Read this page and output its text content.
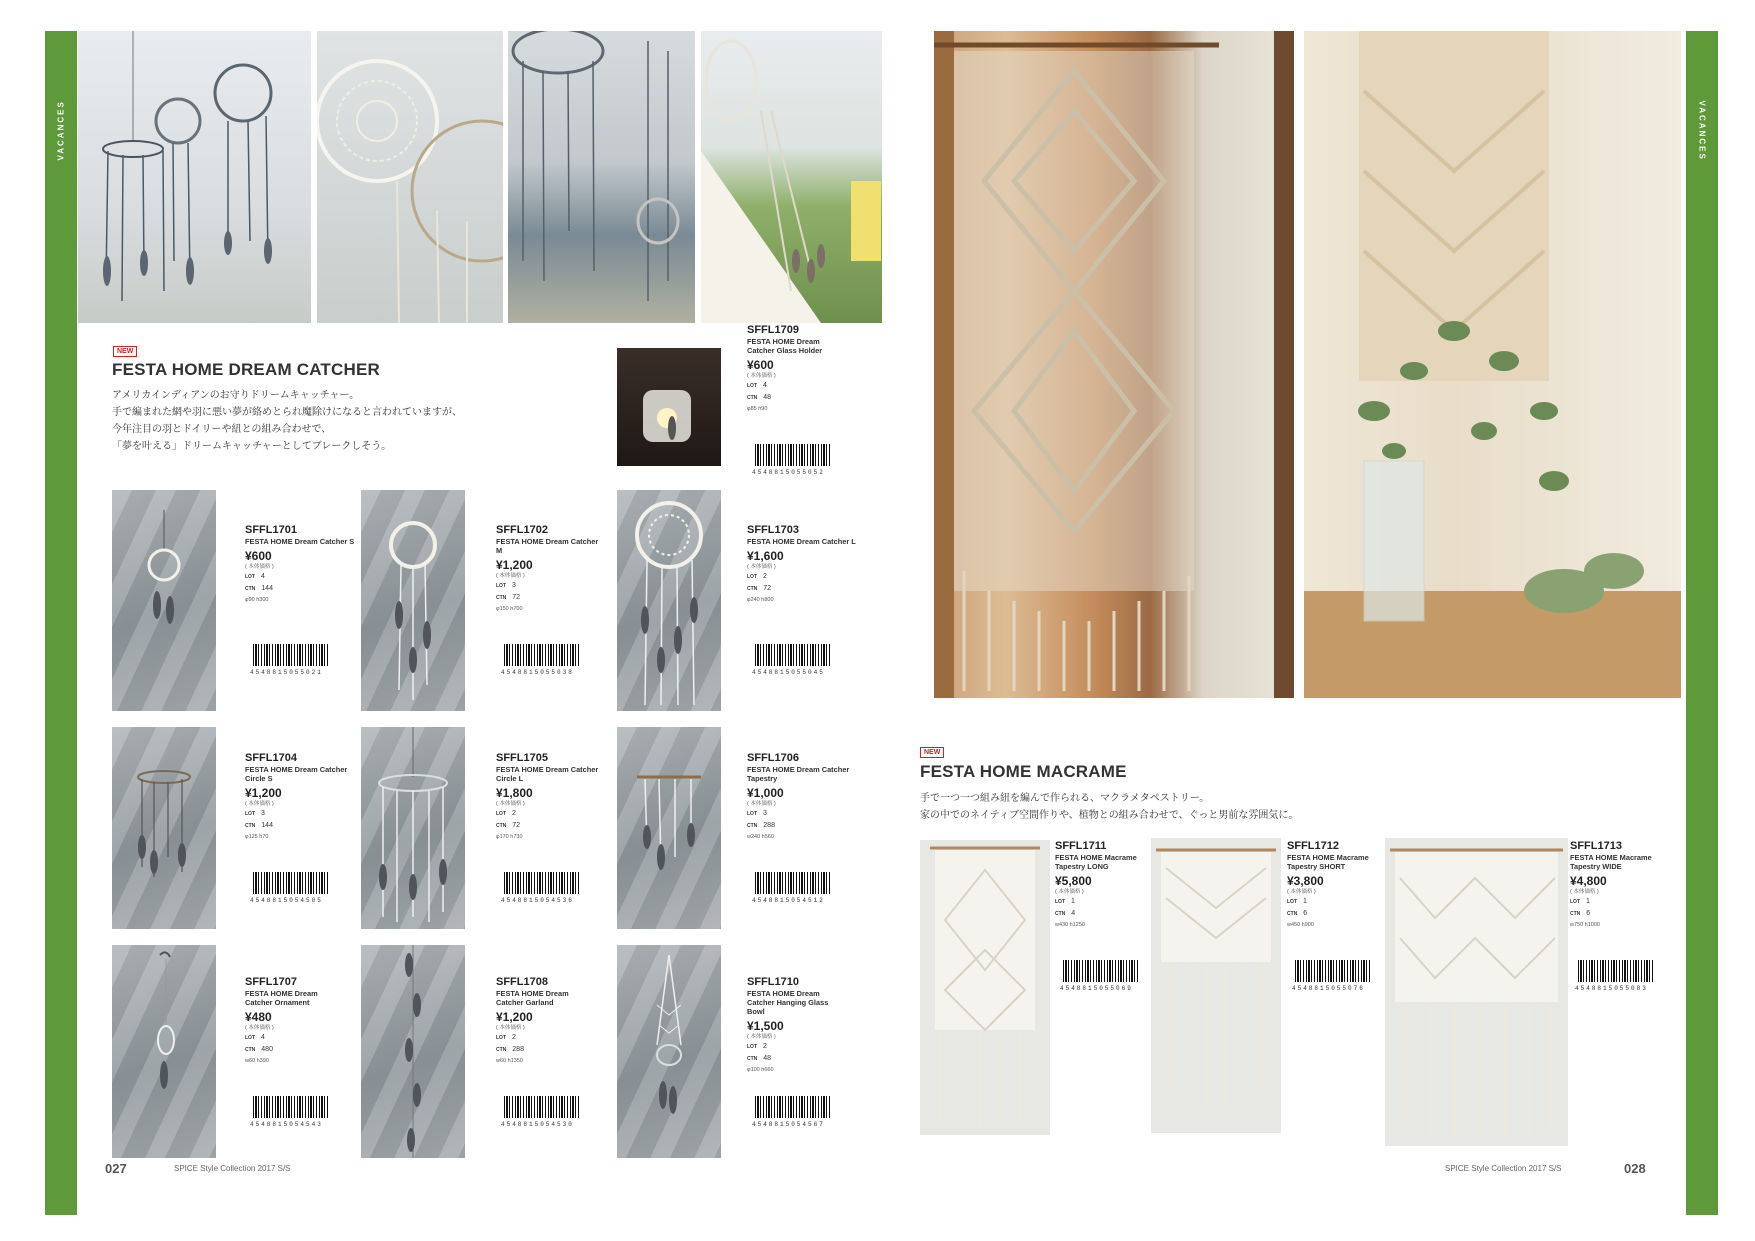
VACANCES	VACANCES
NEW
FESTA HOME DREAM CATCHER
アメリカインディアンのお守りドリームキャッチャー。
手で編まれた網や羽に悪い夢が絡めとられ魔除けになると言われていますが、
今年注目の羽とドイリーや紐との組み合わせで、
「夢を叶える」ドリームキャッチャーとしてブレークしそう。
SFFL1709
FESTA HOME Dream Catcher Glass Holder
¥600
( 本体価格 )
LOT 4
CTN 48
φ85 h90
4548815055052
SFFL1701
FESTA HOME Dream Catcher S
¥600
( 本体価格 )
LOT 4
CTN 144
φ90 h300
4548815055021
SFFL1702
FESTA HOME Dream Catcher M
¥1,200
( 本体価格 )
LOT 3
CTN 72
φ150 h700
4548815055038
SFFL1703
FESTA HOME Dream Catcher L
¥1,600
( 本体価格 )
LOT 2
CTN 72
φ240 h800
4548815055045
SFFL1704
FESTA HOME Dream Catcher Circle S
¥1,200
( 本体価格 )
LOT 3
CTN 144
φ125 h70
4548815054505
SFFL1705
FESTA HOME Dream Catcher Circle L
¥1,800
( 本体価格 )
LOT 2
CTN 72
φ170 h730
4548815054536
SFFL1706
FESTA HOME Dream Catcher Tapestry
¥1,000
( 本体価格 )
LOT 3
CTN 288
w240 h560
4548815054512
SFFL1707
FESTA HOME Dream Catcher Ornament
¥480
( 本体価格 )
LOT 4
CTN 480
w60 h390
4548815054543
SFFL1708
FESTA HOME Dream Catcher Garland
¥1,200
( 本体価格 )
LOT 2
CTN 288
w60 h1350
4548815054530
SFFL1710
FESTA HOME Dream Catcher Hanging Glass Bowl
¥1,500
( 本体価格 )
LOT 2
CTN 48
φ100 h660
4548815054567
027	SPICE Style Collection 2017 S/S
NEW
FESTA HOME MACRAME
手で一つ一つ組み紐を編んで作られる、マクラメタペストリー。
家の中でのネイティブ空間作りや、植物との組み合わせで、ぐっと男前な雰囲気に。
SFFL1711
FESTA HOME Macrame Tapestry LONG
¥5,800
( 本体価格 )
LOT 1
CTN 4
w430 h1250
4548815055069
SFFL1712
FESTA HOME Macrame Tapestry SHORT
¥3,800
( 本体価格 )
LOT 1
CTN 6
w450 h900
4548815055076
SFFL1713
FESTA HOME Macrame Tapestry WIDE
¥4,800
( 本体価格 )
LOT 1
CTN 6
w750 h1000
4548815055083
SPICE Style Collection 2017 S/S	028
